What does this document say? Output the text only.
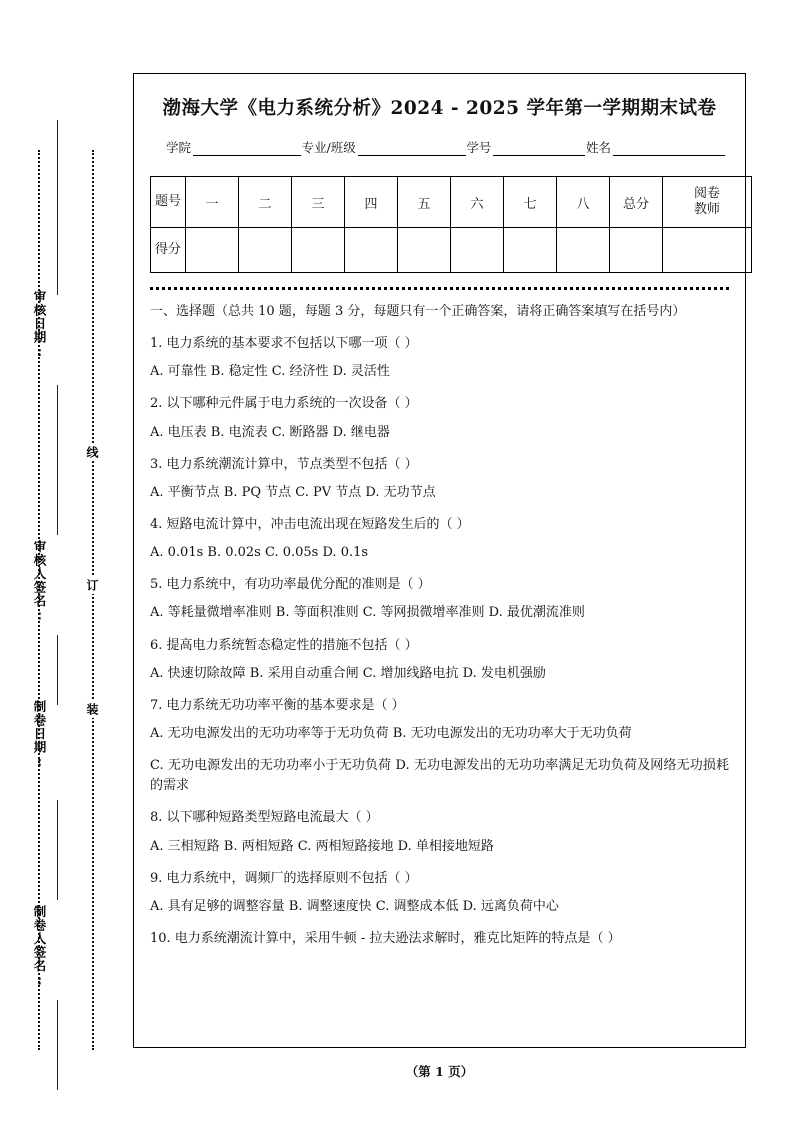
审核日期:
审核人签名:
制卷日期:
制卷人签名:
线
订
装
渤海大学《电力系统分析》2024 - 2025 学年第一学期期末试卷
学院	专业/班级	学号	姓名
题号	一	二	三	四	五	六	七	八	总分	阅卷
教师

得分										

一、选择题（总共 10 题，每题 3 分，每题只有一个正确答案，请将正确答案填写在括号内）
1. 电力系统的基本要求不包括以下哪一项（ ）
A. 可靠性 B. 稳定性 C. 经济性 D. 灵活性
2. 以下哪种元件属于电力系统的一次设备（ ）
A. 电压表 B. 电流表 C. 断路器 D. 继电器
3. 电力系统潮流计算中，节点类型不包括（ ）
A. 平衡节点 B. PQ 节点 C. PV 节点 D. 无功节点
4. 短路电流计算中，冲击电流出现在短路发生后的（ ）
A. 0.01s B. 0.02s C. 0.05s D. 0.1s
5. 电力系统中，有功功率最优分配的准则是（ ）
A. 等耗量微增率准则 B. 等面积准则 C. 等网损微增率准则 D. 最优潮流准则
6. 提高电力系统暂态稳定性的措施不包括（ ）
A. 快速切除故障 B. 采用自动重合闸 C. 增加线路电抗 D. 发电机强励
7. 电力系统无功功率平衡的基本要求是（ ）
A. 无功电源发出的无功功率等于无功负荷 B. 无功电源发出的无功功率大于无功负荷
C. 无功电源发出的无功功率小于无功负荷 D. 无功电源发出的无功功率满足无功负荷及网络无功损耗的需求
8. 以下哪种短路类型短路电流最大（ ）
A. 三相短路 B. 两相短路 C. 两相短路接地 D. 单相接地短路
9. 电力系统中，调频厂的选择原则不包括（ ）
A. 具有足够的调整容量 B. 调整速度快 C. 调整成本低 D. 远离负荷中心
10. 电力系统潮流计算中，采用牛顿 - 拉夫逊法求解时，雅克比矩阵的特点是（ ）
（第 1 页）
